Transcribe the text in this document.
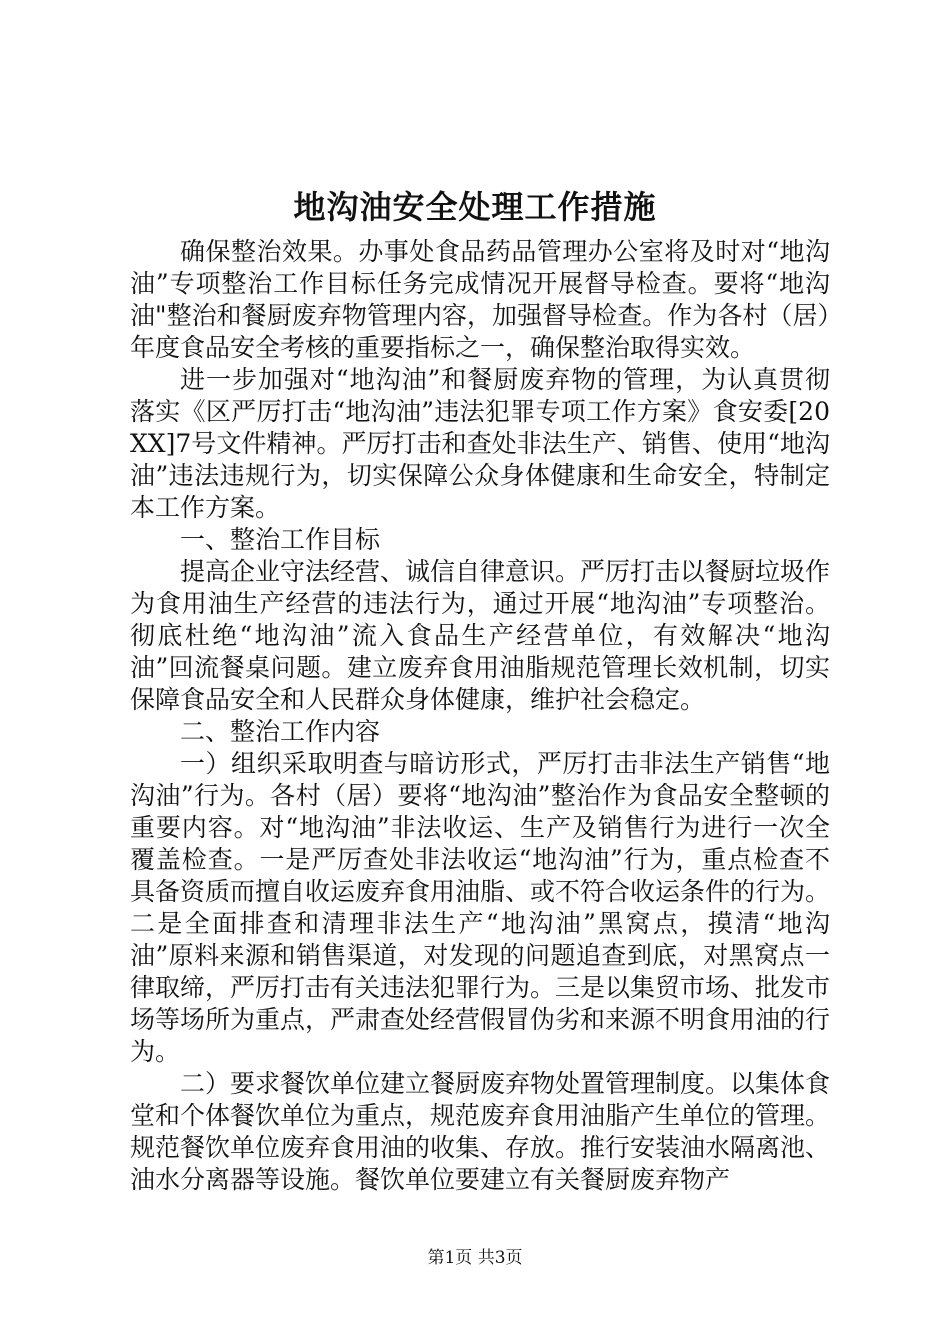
地沟油安全处理工作措施

确保整治效果。办事处食品药品管理办公室将及时对“地沟油”专项整治工作目标任务完成情况开展督导检查。要将“地沟油"整治和餐厨废弃物管理内容，加强督导检查。作为各村（居）年度食品安全考核的重要指标之一，确保整治取得实效。

进一步加强对“地沟油”和餐厨废弃物的管理，为认真贯彻落实《区严厉打击“地沟油”违法犯罪专项工作方案》食安委[20XX]7号文件精神。严厉打击和查处非法生产、销售、使用“地沟油”违法违规行为，切实保障公众身体健康和生命安全，特制定本工作方案。

一、整治工作目标

提高企业守法经营、诚信自律意识。严厉打击以餐厨垃圾作为食用油生产经营的违法行为，通过开展“地沟油”专项整治。彻底杜绝“地沟油”流入食品生产经营单位，有效解决“地沟油”回流餐桌问题。建立废弃食用油脂规范管理长效机制，切实保障食品安全和人民群众身体健康，维护社会稳定。

二、整治工作内容

一）组织采取明查与暗访形式，严厉打击非法生产销售“地沟油”行为。各村（居）要将“地沟油”整治作为食品安全整顿的重要内容。对“地沟油”非法收运、生产及销售行为进行一次全覆盖检查。一是严厉查处非法收运“地沟油”行为，重点检查不具备资质而擅自收运废弃食用油脂、或不符合收运条件的行为。二是全面排查和清理非法生产“地沟油”黑窝点，摸清“地沟油”原料来源和销售渠道，对发现的问题追查到底，对黑窝点一律取缔，严厉打击有关违法犯罪行为。三是以集贸市场、批发市场等场所为重点，严肃查处经营假冒伪劣和来源不明食用油的行为。

二）要求餐饮单位建立餐厨废弃物处置管理制度。以集体食堂和个体餐饮单位为重点，规范废弃食用油脂产生单位的管理。规范餐饮单位废弃食用油的收集、存放。推行安装油水隔离池、油水分离器等设施。餐饮单位要建立有关餐厨废弃物产

第1页 共3页
